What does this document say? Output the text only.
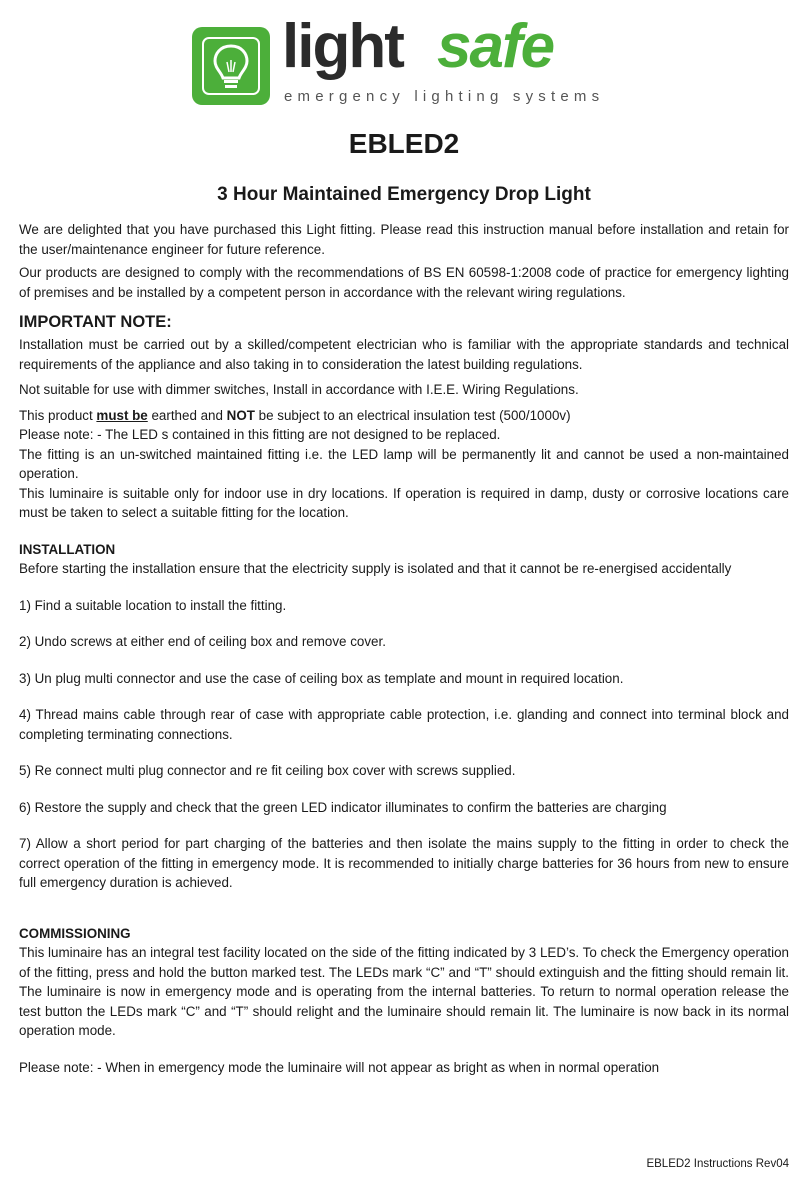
light safe
emergency lighting systems
EBLED2
3 Hour Maintained Emergency Drop Light

We are delighted that you have purchased this Light fitting. Please read this instruction manual before installation and retain for the user/maintenance engineer for future reference.

Our products are designed to comply with the recommendations of BS EN 60598-1:2008 code of practice for emergency lighting of premises and be installed by a competent person in accordance with the relevant wiring regulations.

IMPORTANT NOTE:

Installation must be carried out by a skilled/competent electrician who is familiar with the appropriate standards and technical requirements of the appliance and also taking in to consideration the latest building regulations.

Not suitable for use with dimmer switches, Install in accordance with I.E.E. Wiring Regulations.

This product must be earthed and NOT be subject to an electrical insulation test (500/1000v)

Please note: - The LED s contained in this fitting are not designed to be replaced.

The fitting is an un-switched maintained fitting i.e. the LED lamp will be permanently lit and cannot be used a non-maintained operation.

This luminaire is suitable only for indoor use in dry locations. If operation is required in damp, dusty or corrosive locations care must be taken to select a suitable fitting for the location.

INSTALLATION

Before starting the installation ensure that the electricity supply is isolated and that it cannot be re-energised accidentally

1) Find a suitable location to install the fitting.

2) Undo screws at either end of ceiling box and remove cover.

3) Un plug multi connector and use the case of ceiling box as template and mount in required location.

4) Thread mains cable through rear of case with appropriate cable protection, i.e. glanding and connect into terminal block and completing terminating connections.

5) Re connect multi plug connector and re fit ceiling box cover with screws supplied.

6) Restore the supply and check that the green LED indicator illuminates to confirm the batteries are charging

7) Allow a short period for part charging of the batteries and then isolate the mains supply to the fitting in order to check the correct operation of the fitting in emergency mode. It is recommended to initially charge batteries for 36 hours from new to ensure full emergency duration is achieved.

COMMISSIONING

This luminaire has an integral test facility located on the side of the fitting indicated by 3 LED’s. To check the Emergency operation of the fitting, press and hold the button marked test. The LEDs mark “C” and “T” should extinguish and the fitting should remain lit. The luminaire is now in emergency mode and is operating from the internal batteries. To return to normal operation release the test button the LEDs mark “C” and “T” should relight and the luminaire should remain lit. The luminaire is now back in its normal operation mode.

Please note: - When in emergency mode the luminaire will not appear as bright as when in normal operation

EBLED2 Instructions Rev04
